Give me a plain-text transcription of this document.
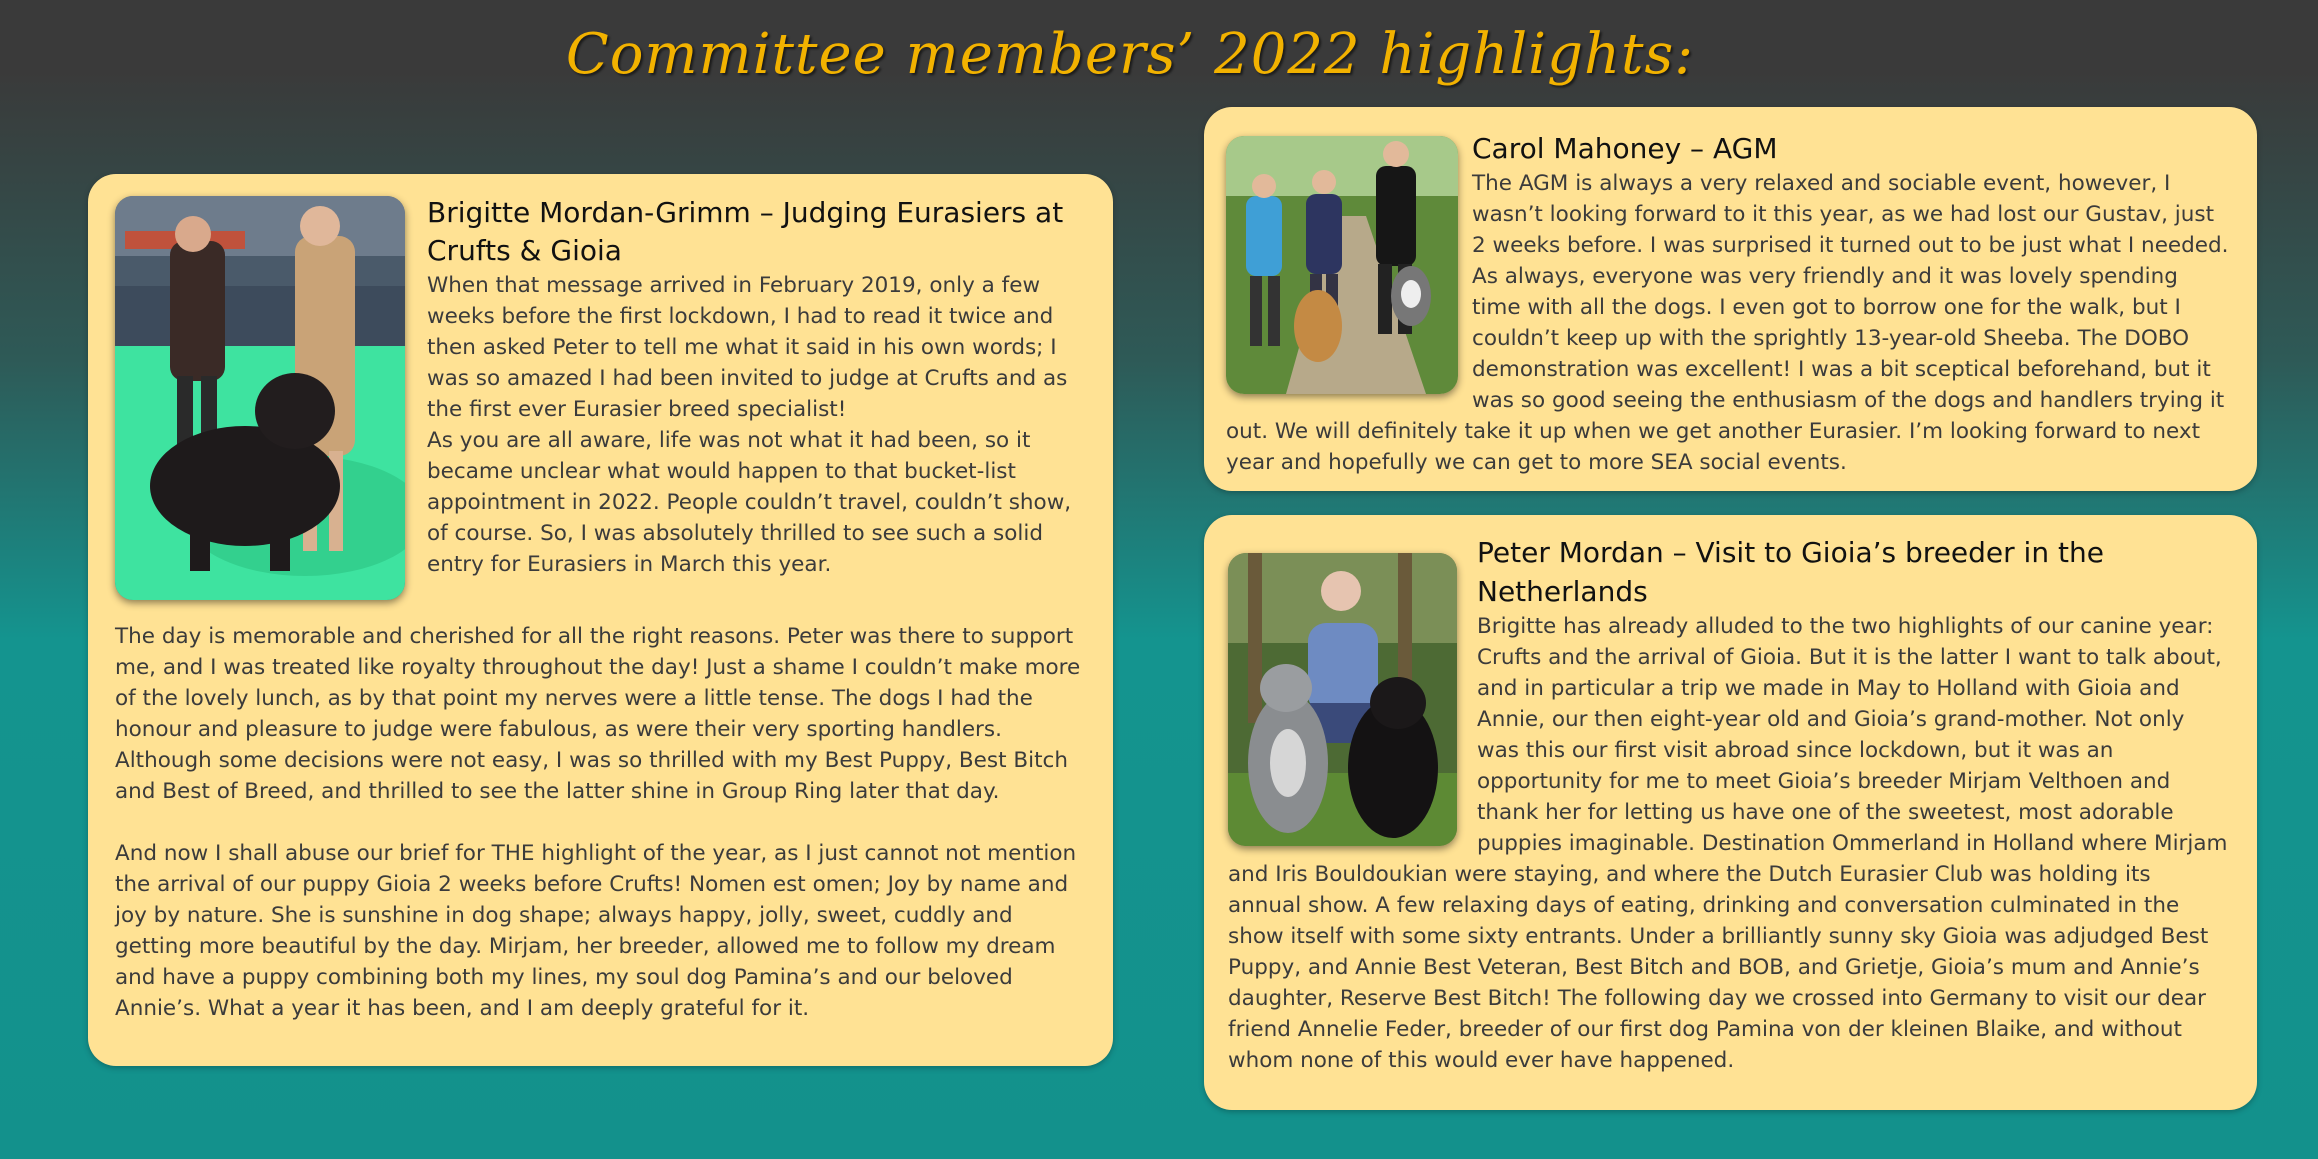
Committee members’ 2022 highlights:
Brigitte Mordan-Grimm – Judging Eurasiers at Crufts & Gioia

When that message arrived in February 2019, only a few weeks before the first lockdown, I had to read it twice and then asked Peter to tell me what it said in his own words; I was so amazed I had been invited to judge at Crufts and as the first ever Eurasier breed specialist!

As you are all aware, life was not what it had been, so it became unclear what would happen to that bucket-list appointment in 2022. People couldn’t travel, couldn’t show, of course. So, I was absolutely thrilled to see such a solid entry for Eurasiers in March this year.

The day is memorable and cherished for all the right reasons. Peter was there to support me, and I was treated like royalty throughout the day! Just a shame I couldn’t make more of the lovely lunch, as by that point my nerves were a little tense. The dogs I had the honour and pleasure to judge were fabulous, as were their very sporting handlers. Although some decisions were not easy, I was so thrilled with my Best Puppy, Best Bitch and Best of Breed, and thrilled to see the latter shine in Group Ring later that day.

And now I shall abuse our brief for THE highlight of the year, as I just cannot not mention the arrival of our puppy Gioia 2 weeks before Crufts! Nomen est omen; Joy by name and joy by nature. She is sunshine in dog shape; always happy, jolly, sweet, cuddly and getting more beautiful by the day. Mirjam, her breeder, allowed me to follow my dream and have a puppy combining both my lines, my soul dog Pamina’s and our beloved Annie’s. What a year it has been, and I am deeply grateful for it.

Carol Mahoney – AGM

The AGM is always a very relaxed and sociable event, however, I wasn’t looking forward to it this year, as we had lost our Gustav, just 2 weeks before. I was surprised it turned out to be just what I needed. As always, everyone was very friendly and it was lovely spending time with all the dogs. I even got to borrow one for the walk, but I couldn’t keep up with the sprightly 13-year-old Sheeba. The DOBO demonstration was excellent! I was a bit sceptical beforehand, but it was so good seeing the enthusiasm of the dogs and handlers trying it out. We will definitely take it up when we get another Eurasier. I’m looking forward to next year and hopefully we can get to more SEA social events.

Peter Mordan – Visit to Gioia’s breeder in the Netherlands

Brigitte has already alluded to the two highlights of our canine year: Crufts and the arrival of Gioia. But it is the latter I want to talk about, and in particular a trip we made in May to Holland with Gioia and Annie, our then eight-year old and Gioia’s grand-mother. Not only was this our first visit abroad since lockdown, but it was an opportunity for me to meet Gioia’s breeder Mirjam Velthoen and thank her for letting us have one of the sweetest, most adorable puppies imaginable. Destination Ommerland in Holland where Mirjam and Iris Bouldoukian were staying, and where the Dutch Eurasier Club was holding its annual show. A few relaxing days of eating, drinking and conversation culminated in the show itself with some sixty entrants. Under a brilliantly sunny sky Gioia was adjudged Best Puppy, and Annie Best Veteran, Best Bitch and BOB, and Grietje, Gioia’s mum and Annie’s daughter, Reserve Best Bitch! The following day we crossed into Germany to visit our dear friend Annelie Feder, breeder of our first dog Pamina von der kleinen Blaike, and without whom none of this would ever have happened.
